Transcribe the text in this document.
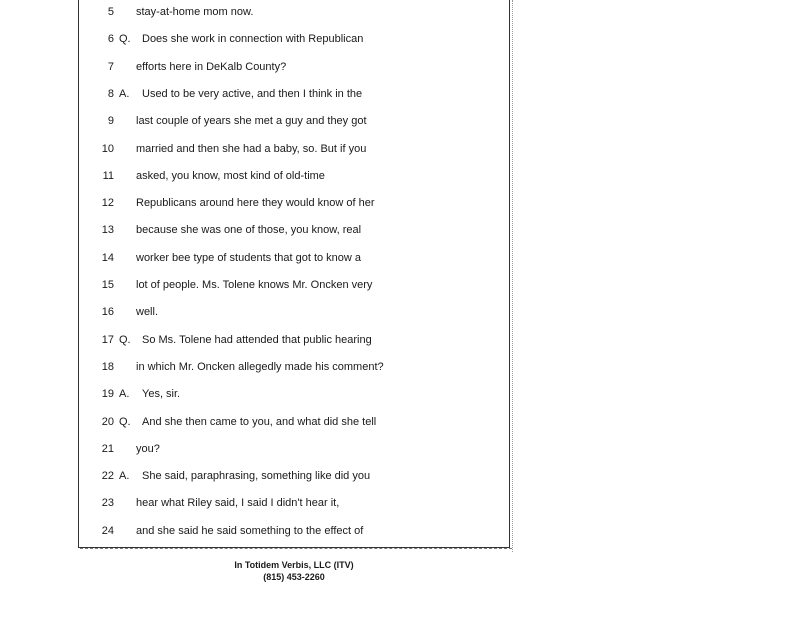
5 stay-at-home mom now.
6 Q. Does she work in connection with Republican
7 efforts here in DeKalb County?
8 A. Used to be very active, and then I think in the
9 last couple of years she met a guy and they got
10 married and then she had a baby, so. But if you
11 asked, you know, most kind of old-time
12 Republicans around here they would know of her
13 because she was one of those, you know, real
14 worker bee type of students that got to know a
15 lot of people. Ms. Tolene knows Mr. Oncken very
16 well.
17 Q. So Ms. Tolene had attended that public hearing
18 in which Mr. Oncken allegedly made his comment?
19 A. Yes, sir.
20 Q. And she then came to you, and what did she tell
21 you?
22 A. She said, paraphrasing, something like did you
23 hear what Riley said, I said I didn't hear it,
24 and she said he said something to the effect of
In Totidem Verbis, LLC (ITV)
(815) 453-2260
